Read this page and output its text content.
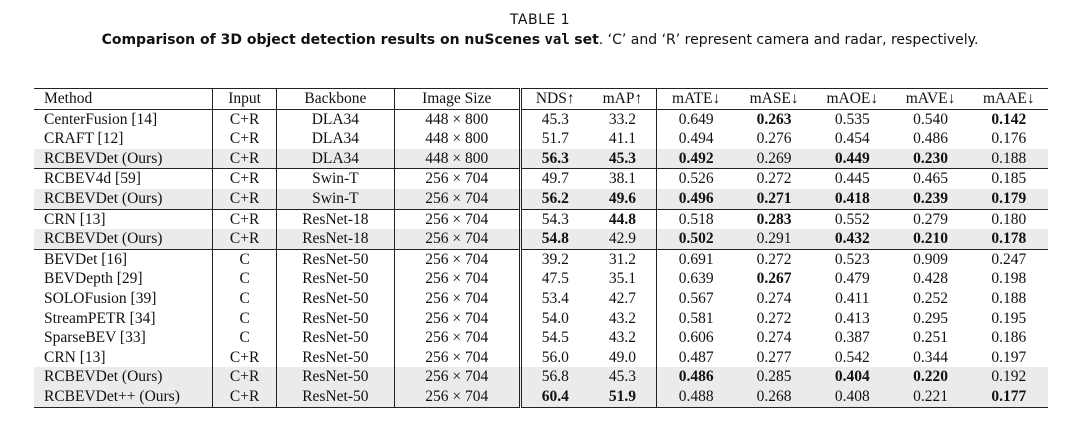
TABLE 1
Comparison of 3D object detection results on nuScenes val set. ‘C’ and ‘R’ represent camera and radar, respectively.
Method	Input	Backbone	Image Size	NDS↑	mAP↑	mATE↓	mASE↓	mAOE↓	mAVE↓	mAAE↓
CenterFusion [14]	C+R	DLA34	448 × 800	45.3	33.2	0.649	0.263	0.535	0.540	0.142
CRAFT [12]	C+R	DLA34	448 × 800	51.7	41.1	0.494	0.276	0.454	0.486	0.176
RCBEVDet (Ours)	C+R	DLA34	448 × 800	56.3	45.3	0.492	0.269	0.449	0.230	0.188
RCBEV4d [59]	C+R	Swin-T	256 × 704	49.7	38.1	0.526	0.272	0.445	0.465	0.185
RCBEVDet (Ours)	C+R	Swin-T	256 × 704	56.2	49.6	0.496	0.271	0.418	0.239	0.179
CRN [13]	C+R	ResNet-18	256 × 704	54.3	44.8	0.518	0.283	0.552	0.279	0.180
RCBEVDet (Ours)	C+R	ResNet-18	256 × 704	54.8	42.9	0.502	0.291	0.432	0.210	0.178
BEVDet [16]	C	ResNet-50	256 × 704	39.2	31.2	0.691	0.272	0.523	0.909	0.247
BEVDepth [29]	C	ResNet-50	256 × 704	47.5	35.1	0.639	0.267	0.479	0.428	0.198
SOLOFusion [39]	C	ResNet-50	256 × 704	53.4	42.7	0.567	0.274	0.411	0.252	0.188
StreamPETR [34]	C	ResNet-50	256 × 704	54.0	43.2	0.581	0.272	0.413	0.295	0.195
SparseBEV [33]	C	ResNet-50	256 × 704	54.5	43.2	0.606	0.274	0.387	0.251	0.186
CRN [13]	C+R	ResNet-50	256 × 704	56.0	49.0	0.487	0.277	0.542	0.344	0.197
RCBEVDet (Ours)	C+R	ResNet-50	256 × 704	56.8	45.3	0.486	0.285	0.404	0.220	0.192
RCBEVDet++ (Ours)	C+R	ResNet-50	256 × 704	60.4	51.9	0.488	0.268	0.408	0.221	0.177
